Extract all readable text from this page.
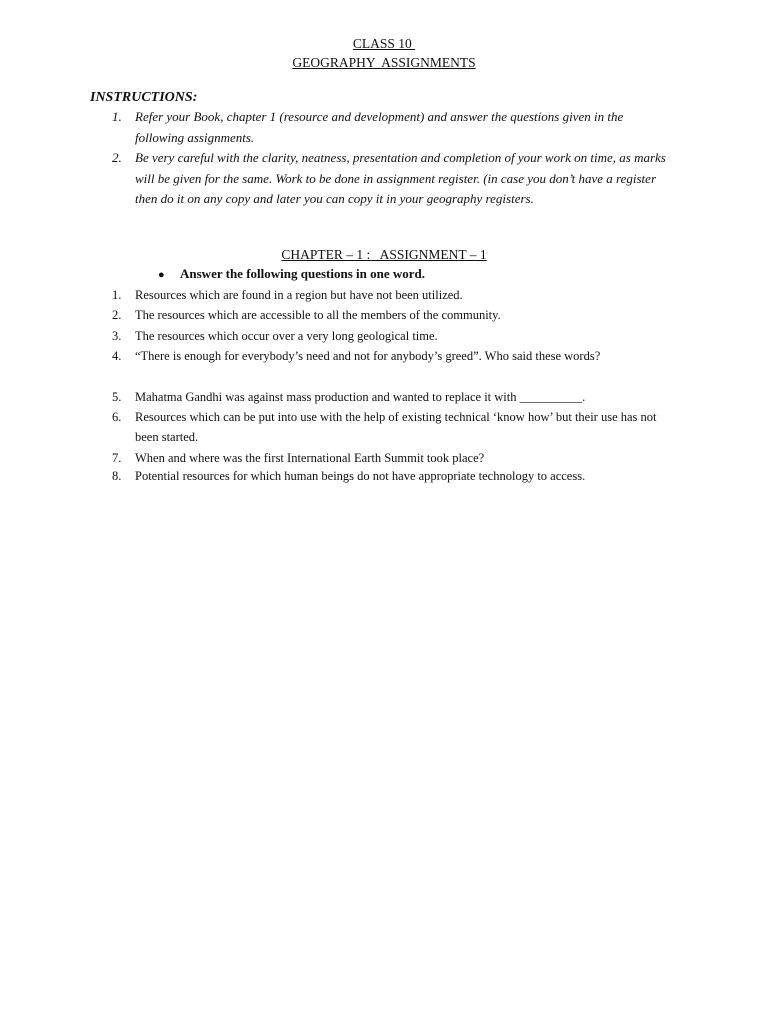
CLASS 10
GEOGRAPHY  ASSIGNMENTS
INSTRUCTIONS:
1. Refer your Book, chapter 1 (resource and development) and answer the questions given in the following assignments.
2. Be very careful with the clarity, neatness, presentation and completion of your work on time, as marks will be given for the same. Work to be done in assignment register. (in case you don’t have a register then do it on any copy and later you can copy it in your geography registers.
CHAPTER – 1 :   ASSIGNMENT – 1
● Answer the following questions in one word.
1. Resources which are found in a region but have not been utilized.
2. The resources which are accessible to all the members of the community.
3. The resources which occur over a very long geological time.
4. “There is enough for everybody’s need and not for anybody’s greed”. Who said these words?
5. Mahatma Gandhi was against mass production and wanted to replace it with __________.
6. Resources which can be put into use with the help of existing technical ‘know how’ but their use has not been started.
7. When and where was the first International Earth Summit took place?
8. Potential resources for which human beings do not have appropriate technology to access.
